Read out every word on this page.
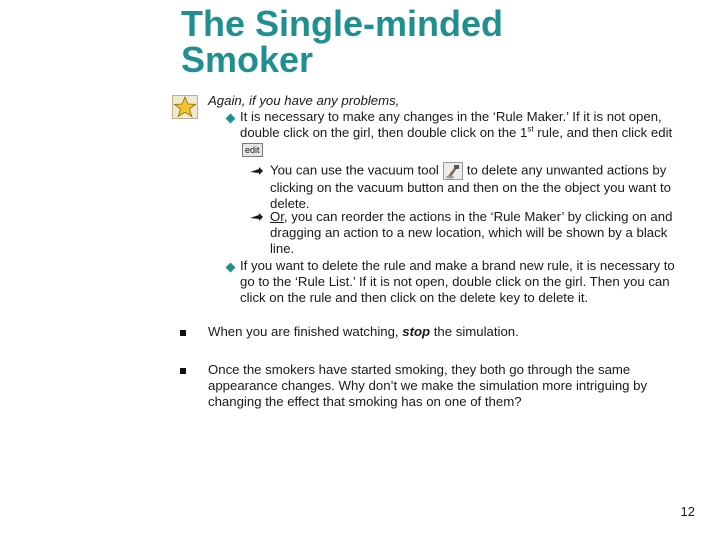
The Single-minded
Smoker
Again, if you have any problems,
It is necessary to make any changes in the ‘Rule Maker.’ If it is not open, double click on the girl, then double click on the 1st rule, and then click edit edit
You can use the vacuum tool to delete any unwanted actions by clicking on the vacuum button and then on the the object you want to delete.
Or, you can reorder the actions in the ‘Rule Maker’ by clicking on and dragging an action to a new location, which will be shown by a black line.
If you want to delete the rule and make a brand new rule, it is necessary to go to the ‘Rule List.’ If it is not open, double click on the girl. Then you can click on the rule and then click on the delete key to delete it.
When you are finished watching, stop the simulation.
Once the smokers have started smoking, they both go through the same appearance changes. Why don’t we make the simulation more intriguing by changing the effect that smoking has on one of them?
12
